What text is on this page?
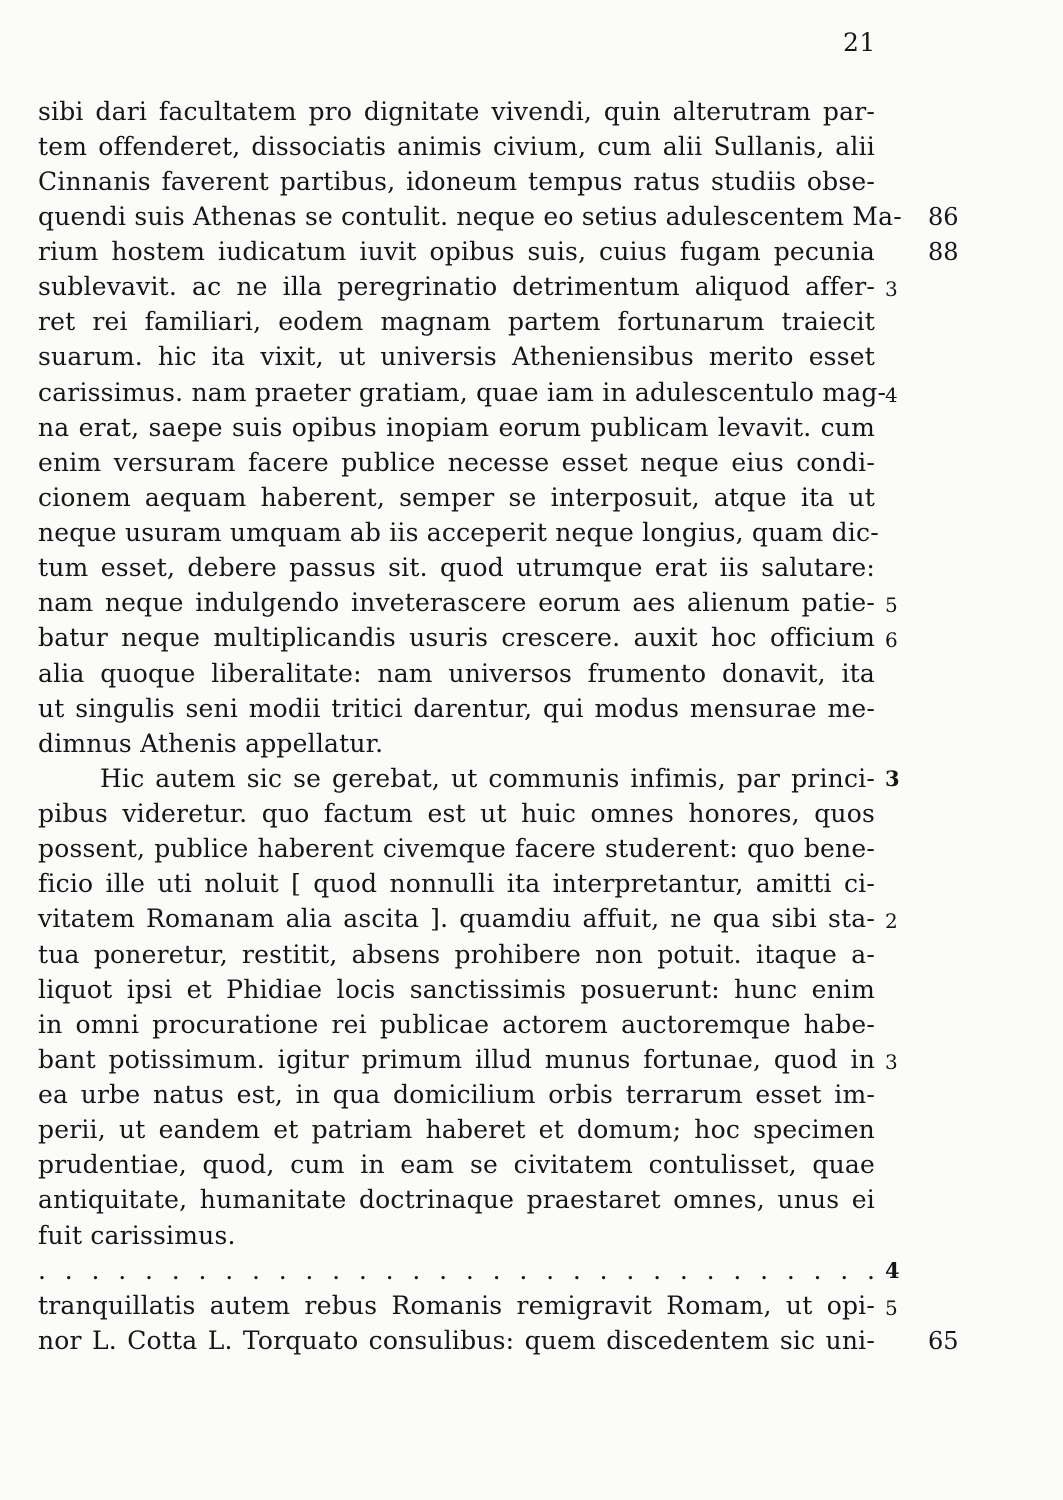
21
sibi dari facultatem pro dignitate vivendi, quin alterutram par-
tem offenderet, dissociatis animis civium, cum alii Sullanis, alii
Cinnanis faverent partibus, idoneum tempus ratus studiis obse-
quendi suis Athenas se contulit. neque eo setius adulescentem Ma-
rium hostem iudicatum iuvit opibus suis, cuius fugam pecunia
sublevavit. ac ne illa peregrinatio detrimentum aliquod affer-
ret rei familiari, eodem magnam partem fortunarum traiecit
suarum. hic ita vixit, ut universis Atheniensibus merito esset
carissimus. nam praeter gratiam, quae iam in adulescentulo mag-
na erat, saepe suis opibus inopiam eorum publicam levavit. cum
enim versuram facere publice necesse esset neque eius condi-
cionem aequam haberent, semper se interposuit, atque ita ut
neque usuram umquam ab iis acceperit neque longius, quam dic-
tum esset, debere passus sit. quod utrumque erat iis salutare:
nam neque indulgendo inveterascere eorum aes alienum patie-
batur neque multiplicandis usuris crescere. auxit hoc officium
alia quoque liberalitate: nam universos frumento donavit, ita
ut singulis seni modii tritici darentur, qui modus mensurae me-
dimnus Athenis appellatur.
Hic autem sic se gerebat, ut communis infimis, par princi-
pibus videretur. quo factum est ut huic omnes honores, quos
possent, publice haberent civemque facere studerent: quo bene-
ficio ille uti noluit [ quod nonnulli ita interpretantur, amitti ci-
vitatem Romanam alia ascita ]. quamdiu affuit, ne qua sibi sta-
tua poneretur, restitit, absens prohibere non potuit. itaque a-
liquot ipsi et Phidiae locis sanctissimis posuerunt: hunc enim
in omni procuratione rei publicae actorem auctoremque habe-
bant potissimum. igitur primum illud munus fortunae, quod in
ea urbe natus est, in qua domicilium orbis terrarum esset im-
perii, ut eandem et patriam haberet et domum; hoc specimen
prudentiae, quod, cum in eam se civitatem contulisset, quae
antiquitate, humanitate doctrinaque praestaret omnes, unus ei
fuit carissimus.
. . . . . . . . . . . . . . . . . . . . . . . . . . . . . . . .
tranquillatis autem rebus Romanis remigravit Romam, ut opi-
nor L. Cotta L. Torquato consulibus: quem discedentem sic uni-
3
4
5
6
3
2
3
4
5
86
88
65
